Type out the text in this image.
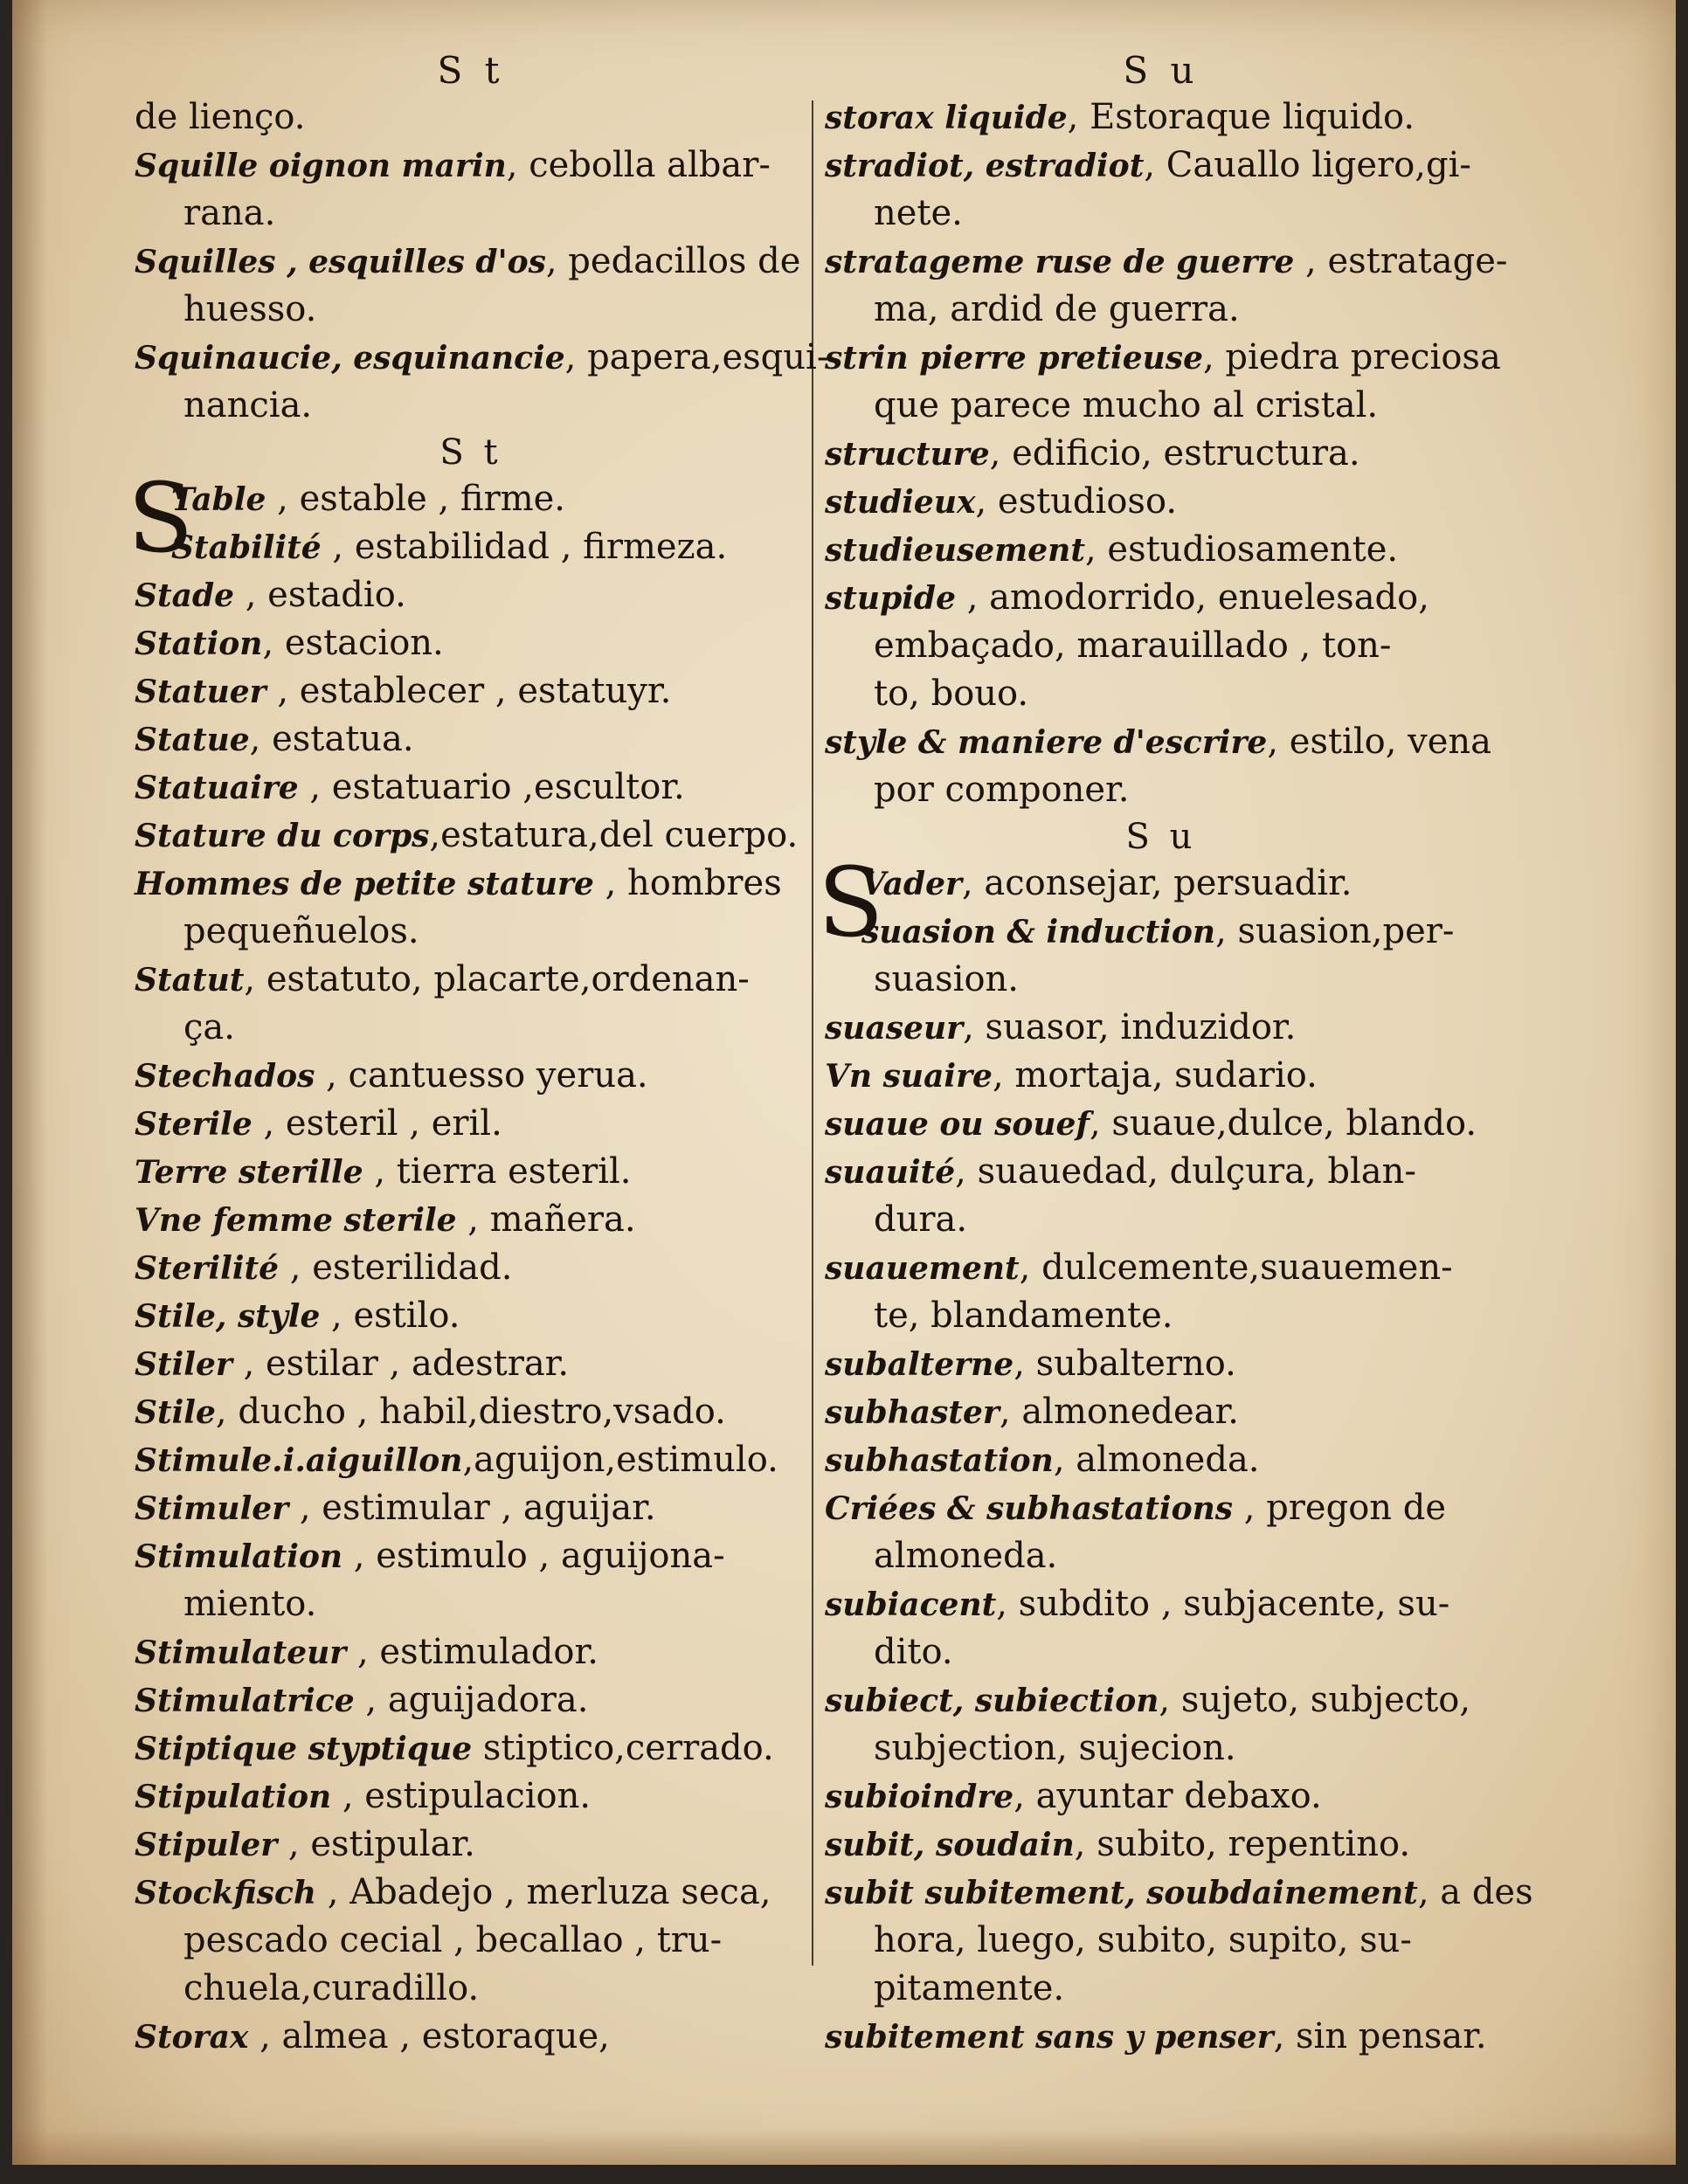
S t
de lienço.
Squille oignon marin, cebolla albar-
rana.
Squilles , esquilles d'os, pedacillos de
huesso.
Squinaucie, esquinancie, papera,esqui-
nancia.
S t
S
Table , estable , firme.
Stabilité , estabilidad , firmeza.
Stade , estadio.
Station, estacion.
Statuer , establecer , estatuyr.
Statue, estatua.
Statuaire , estatuario ,escultor.
Stature du corps,estatura,del cuerpo.
Hommes de petite stature , hombres
pequeñuelos.
Statut, estatuto, placarte,ordenan-
ça.
Stechados , cantuesso yerua.
Sterile , esteril , eril.
Terre sterille , tierra esteril.
Vne femme sterile , mañera.
Sterilité , esterilidad.
Stile, style , estilo.
Stiler , estilar , adestrar.
Stile, ducho , habil,diestro,vsado.
Stimule.i.aiguillon,aguijon,estimulo.
Stimuler , estimular , aguijar.
Stimulation , estimulo , aguijona-
miento.
Stimulateur , estimulador.
Stimulatrice , aguijadora.
Stiptique styptique stiptico,cerrado.
Stipulation , estipulacion.
Stipuler , estipular.
Stockfisch , Abadejo , merluza seca,
pescado cecial , becallao , tru-
chuela,curadillo.
Storax , almea , estoraque,
S u
storax liquide, Estoraque liquido.
stradiot, estradiot, Cauallo ligero,gi-
nete.
stratageme ruse de guerre , estratage-
ma, ardid de guerra.
strin pierre pretieuse, piedra preciosa
que parece mucho al cristal.
structure, edificio, estructura.
studieux, estudioso.
studieusement, estudiosamente.
stupide , amodorrido, enuelesado,
embaçado, marauillado , ton-
to, bouo.
style & maniere d'escrire, estilo, vena
por componer.
S u
S
Vader, aconsejar, persuadir.
suasion & induction, suasion,per-
suasion.
suaseur, suasor, induzidor.
Vn suaire, mortaja, sudario.
suaue ou souef, suaue,dulce, blando.
suauité, suauedad, dulçura, blan-
dura.
suauement, dulcemente,suauemen-
te, blandamente.
subalterne, subalterno.
subhaster, almonedear.
subhastation, almoneda.
Criées & subhastations , pregon de
almoneda.
subiacent, subdito , subjacente, su-
dito.
subiect, subiection, sujeto, subjecto,
subjection, sujecion.
subioindre, ayuntar debaxo.
subit, soudain, subito, repentino.
subit subitement, soubdainement, a des
hora, luego, subito, supito, su-
pitamente.
subitement sans y penser, sin pensar.
